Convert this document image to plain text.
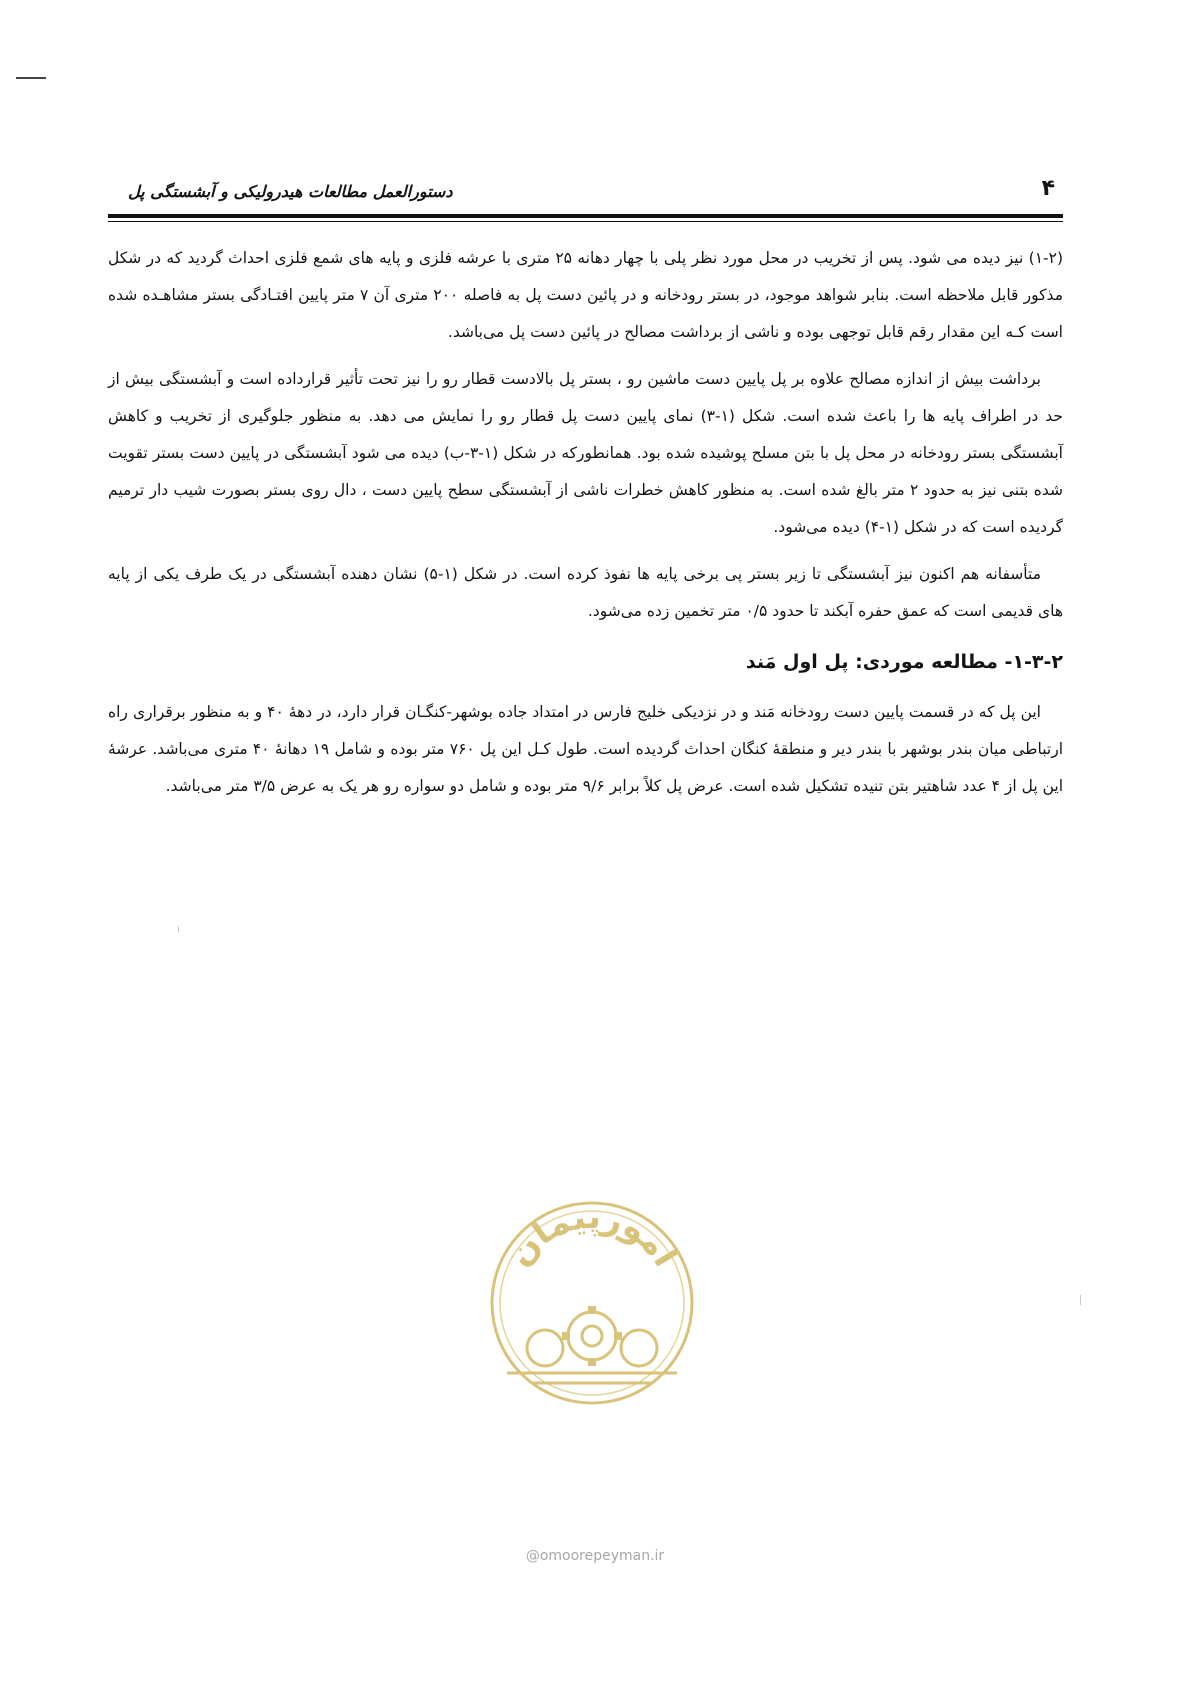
۴
دستورالعمل مطالعات هیدرولیکی و آبشستگی پل

(۱-۲) نیز دیده می شود. پس از تخریب در محل مورد نظر پلی با چهار دهانه ۲۵ متری با عرشه فلزی و پایه های شمع فلزی احداث گردید که در شکل مذکور قابل ملاحظه است. بنابر شواهد موجود، در بستر رودخانه و در پائین دست پل به فاصله ۲۰۰ متری آن ۷ متر پایین افتـادگی بستر مشاهـده شده است کـه این مقدار رقم قابل توجهی بوده و ناشی از برداشت مصالح در پائین دست پل می‌باشد.

برداشت بیش از اندازه مصالح علاوه بر پل پایین دست ماشین رو ، بستر پل بالادست قطار رو را نیز تحت تأثیر قرارداده است و آبشستگی بیش از حد در اطراف پایه ها را باعث شده است. شکل (۱-۳) نمای پایین دست پل قطار رو را نمایش می دهد. به منظور جلوگیری از تخریب و کاهش آبشستگی بستر رودخانه در محل پل با بتن مسلح پوشیده شده بود. همانطورکه در شکل (۱-۳-ب) دیده می شود آبشستگی در پایین دست بستر تقویت شده بتنی نیز به حدود ۲ متر بالغ شده است. به منظور کاهش خطرات ناشی از آبشستگی سطح پایین دست ، دال روی بستر بصورت شیب دار ترمیم گردیده است که در شکل (۱-۴) دیده می‌شود.

متأسفانه هم اکنون نیز آبشستگی تا زیر بستر پی برخی پایه‌ ها نفوذ کرده است. در شکل (۱-۵) نشان دهنده آبشستگی در یک طرف یکی از پایه های قدیمی است که عمق حفره آبکند تا حدود ۰/۵ متر تخمین زده می‌شود.

۱-۳-۲- مطالعه موردی: پل اول مَند

این پل که در قسمت پایین دست رودخانه مَند و در نزدیکی خلیج فارس در امتداد جاده بوشهر-کنگـان قرار دارد، در دههٔ ۴۰ و به منظور برقراری راه ارتباطی میان بندر بوشهر با بندر دیر و منطقهٔ کنگان احداث گردیده است. طول کـل این پل ۷۶۰ متر بوده و شامل ۱۹ دهانهٔ ۴۰ متری می‌باشد. عرشهٔ این پل از ۴ عدد شاهتیر بتن تنیده تشکیل شده است. عرض پل کلاً برابر ۹/۶ متر بوده و شامل دو سواره رو هر یک به عرض ۳/۵ متر می‌باشد.

امورپیمان
@omoorepeyman.ir
